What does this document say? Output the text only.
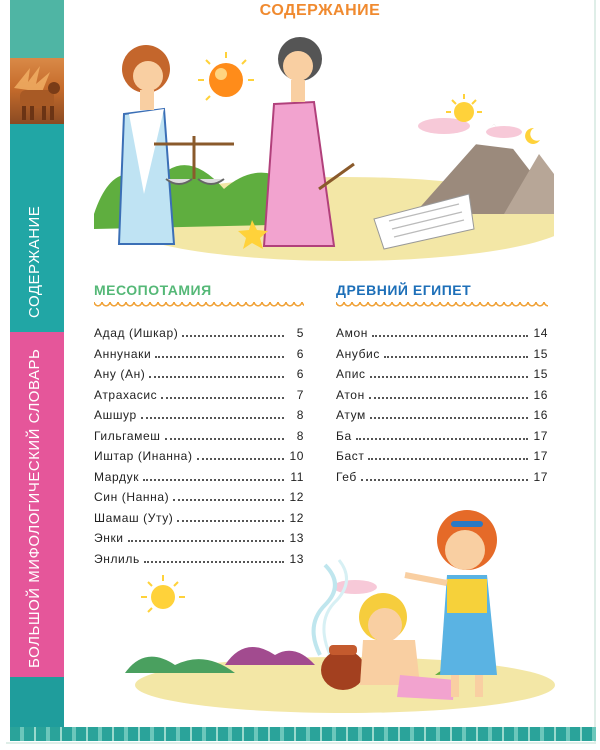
СОДЕРЖАНИЕ
БОЛЬШОЙ МИФОЛОГИЧЕСКИЙ СЛОВАРЬ
СОДЕРЖАНИЕ
МЕСОПОТАМИЯ	ДРЕВНИЙ ЕГИПЕТ
Адад (Ишкар)	5
Аннунаки	6
Ану (Ан)	6
Атрахасис	7
Ашшур	8
Гильгамеш	8
Иштар (Инанна)	10
Мардук	11
Син (Нанна)	12
Шамаш (Уту)	12
Энки	13
Энлиль	13
Амон	14
Анубис	15
Апис	15
Атон	16
Атум	16
Ба	17
Баст	17
Геб	17
